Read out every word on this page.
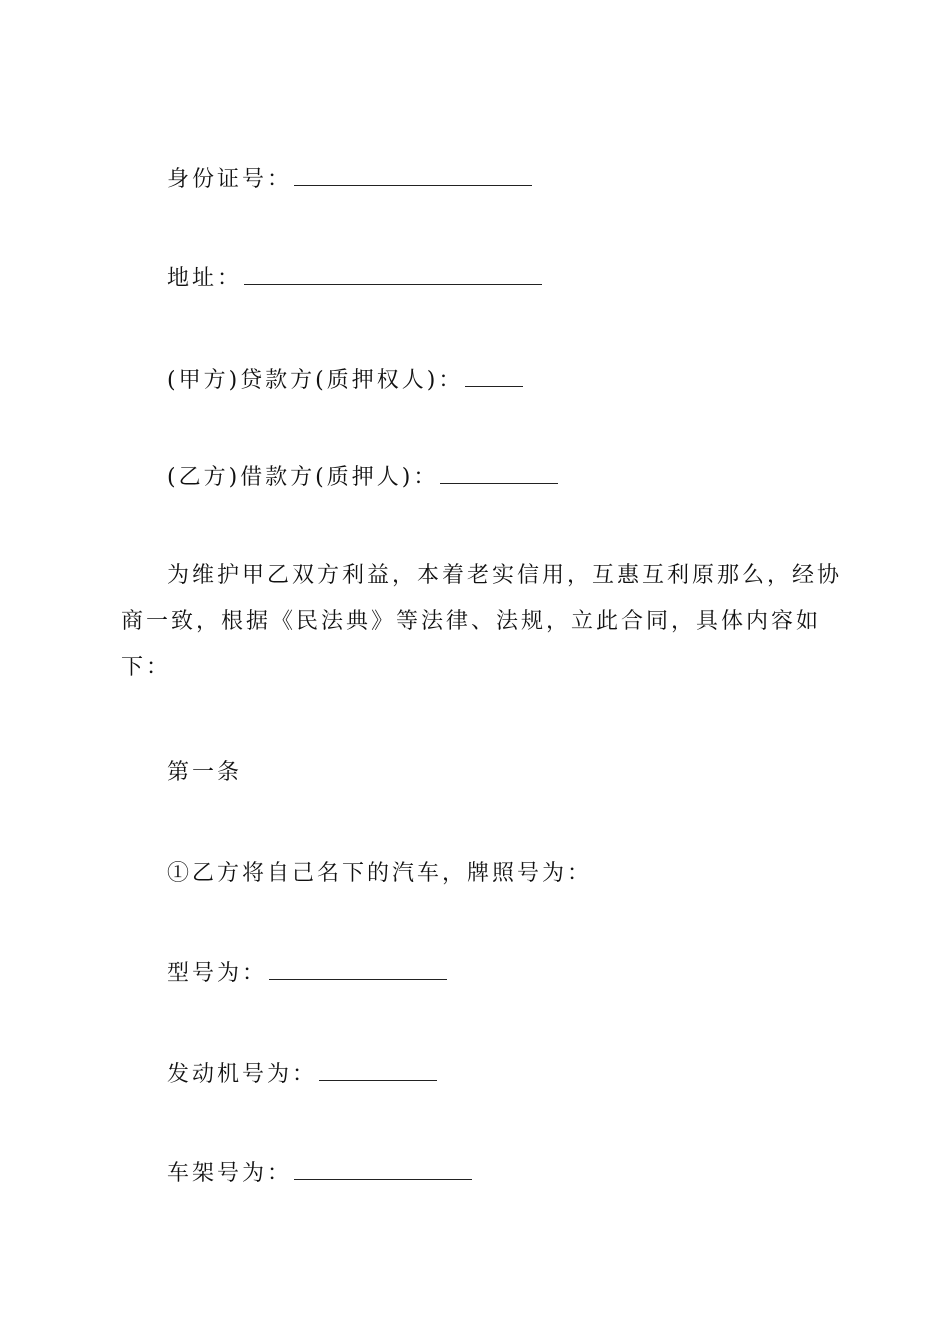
身份证号：
地址：
(甲方)贷款方(质押权人)：
(乙方)借款方(质押人)：
为维护甲乙双方利益，本着老实信用，互惠互利原那么，经协商一致，根据《民法典》等法律、法规，立此合同，具体内容如下：
第一条
①乙方将自己名下的汽车，牌照号为：
型号为：
发动机号为：
车架号为：
